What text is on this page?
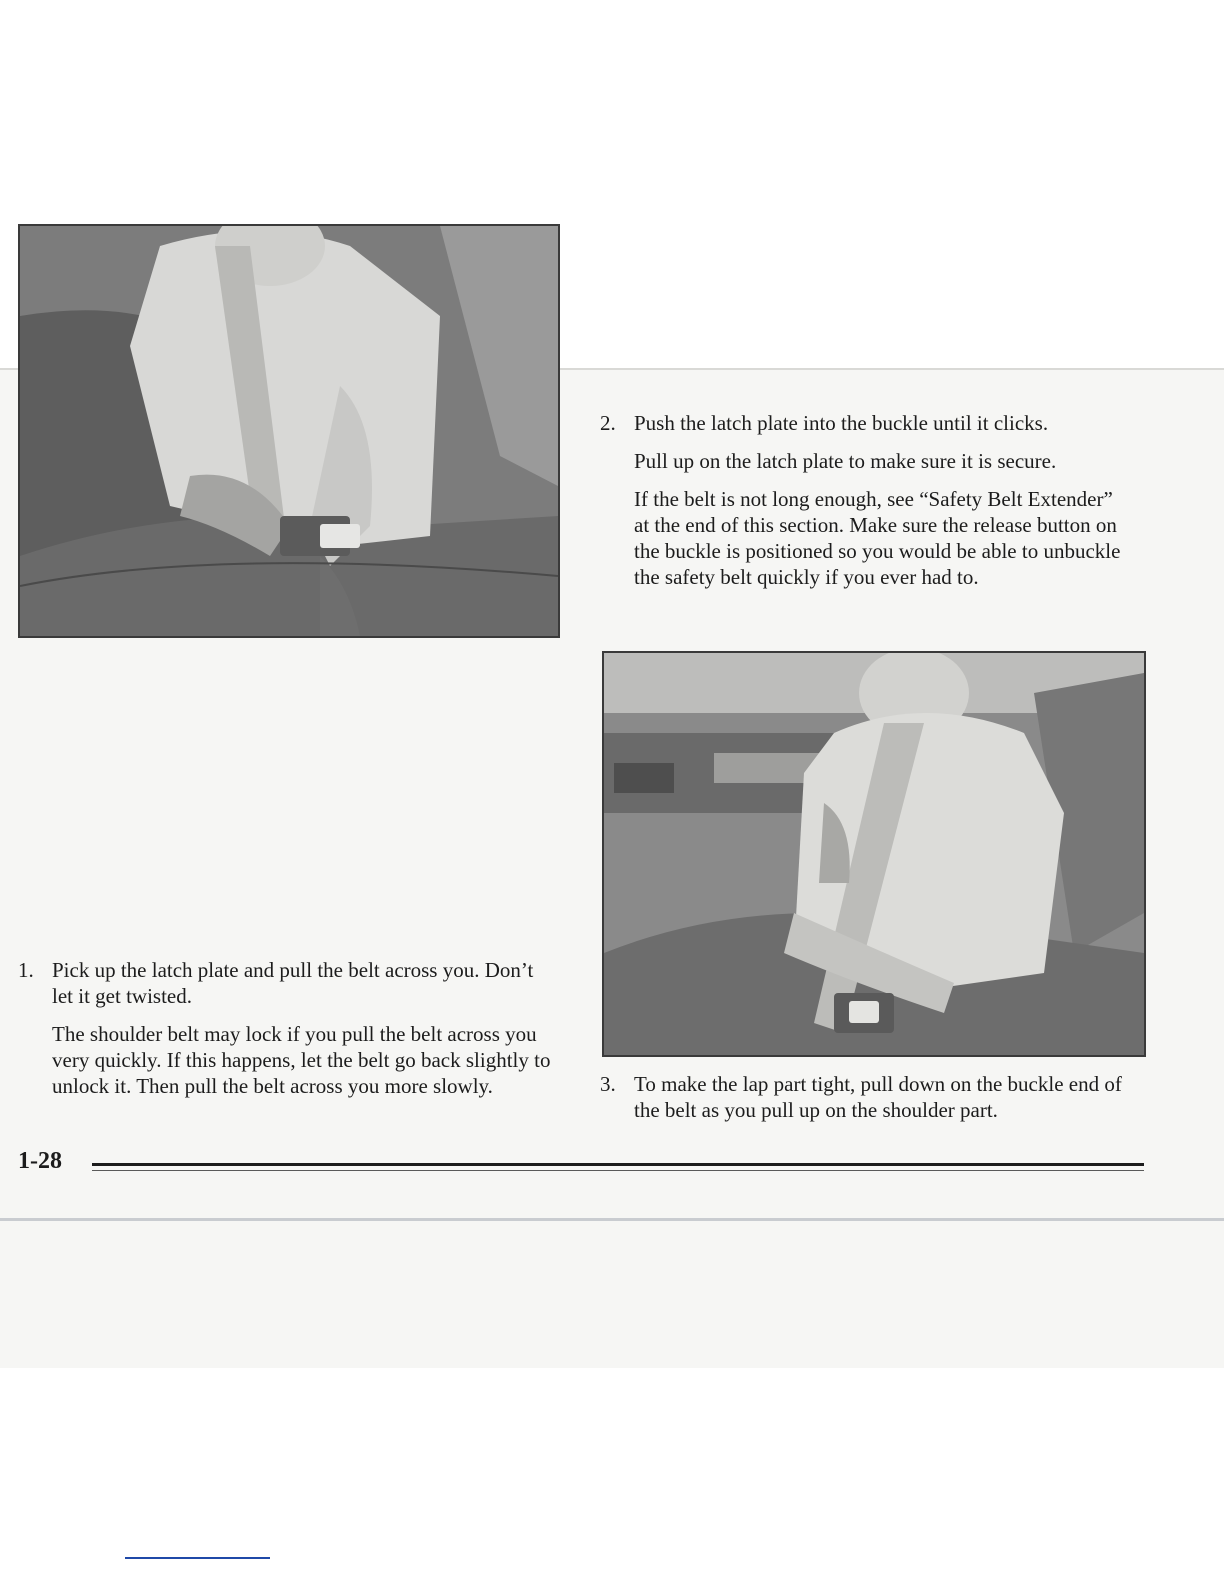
1. Pick up the latch plate and pull the belt across you. Don’t let it get twisted.

The shoulder belt may lock if you pull the belt across you very quickly. If this happens, let the belt go back slightly to unlock it. Then pull the belt across you more slowly.

2. Push the latch plate into the buckle until it clicks.

Pull up on the latch plate to make sure it is secure.

If the belt is not long enough, see “Safety Belt Extender” at the end of this section. Make sure the release button on the buckle is positioned so you would be able to unbuckle the safety belt quickly if you ever had to.

3. To make the lap part tight, pull down on the buckle end of the belt as you pull up on the shoulder part.
1-28
